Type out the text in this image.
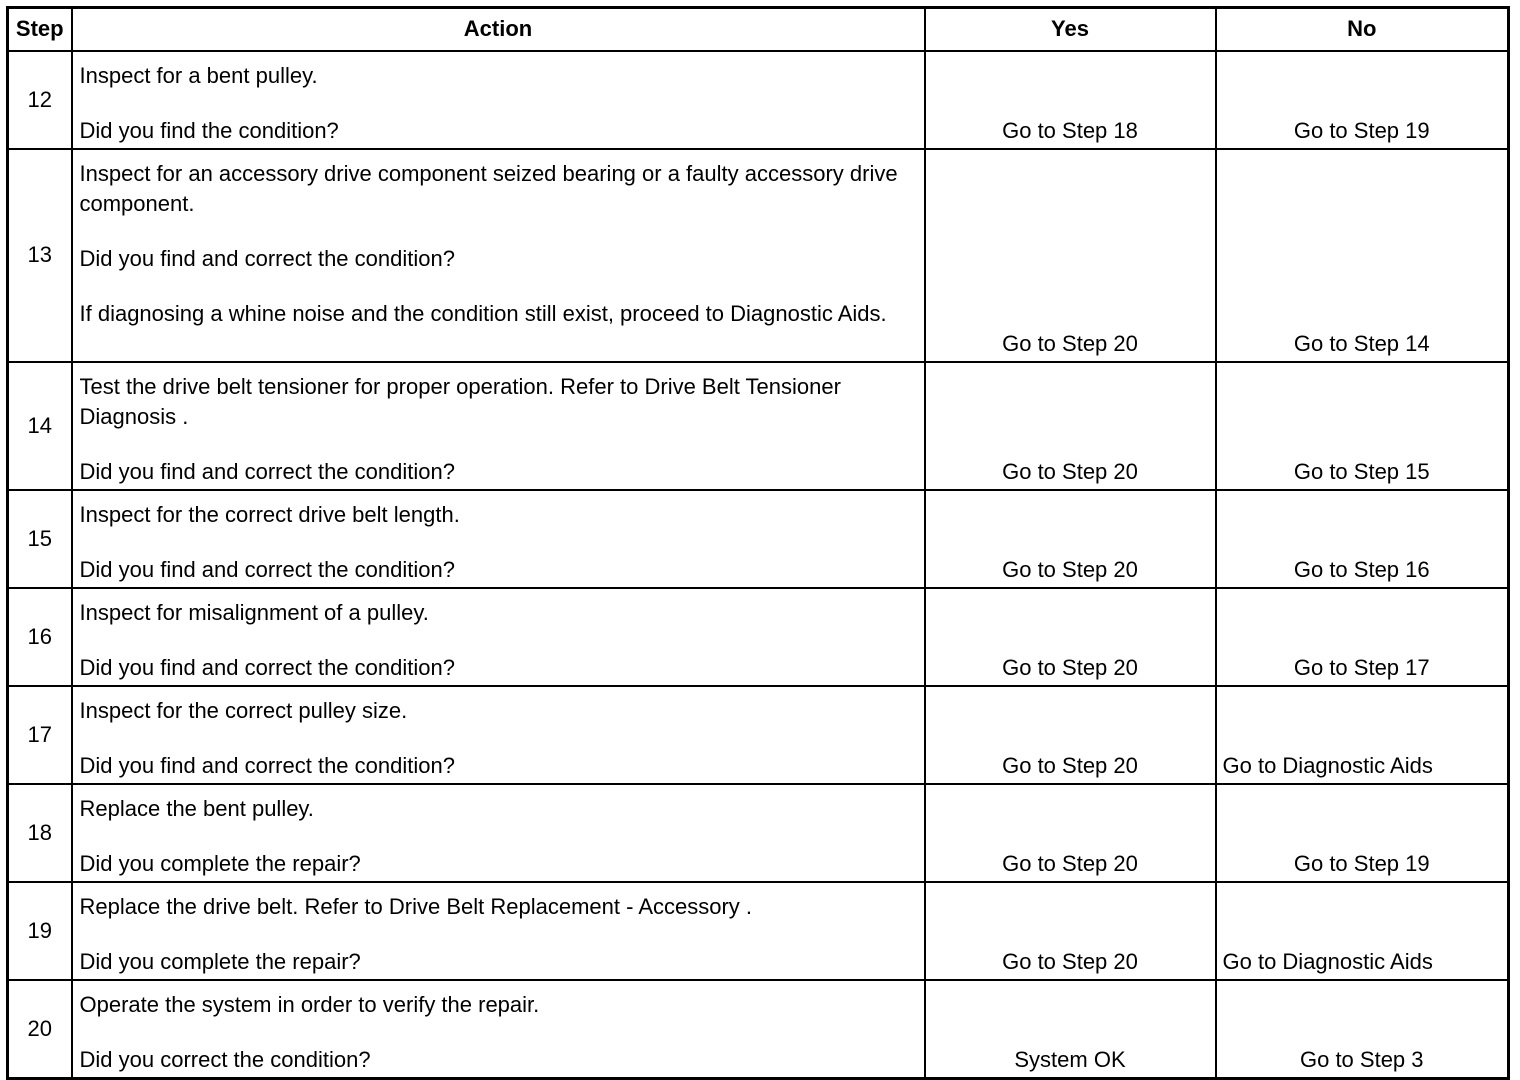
Step	Action	Yes	No
12	Inspect for a bent pulley.

Did you find the condition?	Go to Step 18	Go to Step 19
13	Inspect for an accessory drive component seized bearing or a faulty accessory drive component.

Did you find and correct the condition?

If diagnosing a whine noise and the condition still exist, proceed to Diagnostic Aids.	Go to Step 20	Go to Step 14
14	Test the drive belt tensioner for proper operation. Refer to Drive Belt Tensioner Diagnosis .

Did you find and correct the condition?	Go to Step 20	Go to Step 15
15	Inspect for the correct drive belt length.

Did you find and correct the condition?	Go to Step 20	Go to Step 16
16	Inspect for misalignment of a pulley.

Did you find and correct the condition?	Go to Step 20	Go to Step 17
17	Inspect for the correct pulley size.

Did you find and correct the condition?	Go to Step 20	Go to Diagnostic Aids
18	Replace the bent pulley.

Did you complete the repair?	Go to Step 20	Go to Step 19
19	Replace the drive belt. Refer to Drive Belt Replacement - Accessory .

Did you complete the repair?	Go to Step 20	Go to Diagnostic Aids
20	Operate the system in order to verify the repair.

Did you correct the condition?	System OK	Go to Step 3
